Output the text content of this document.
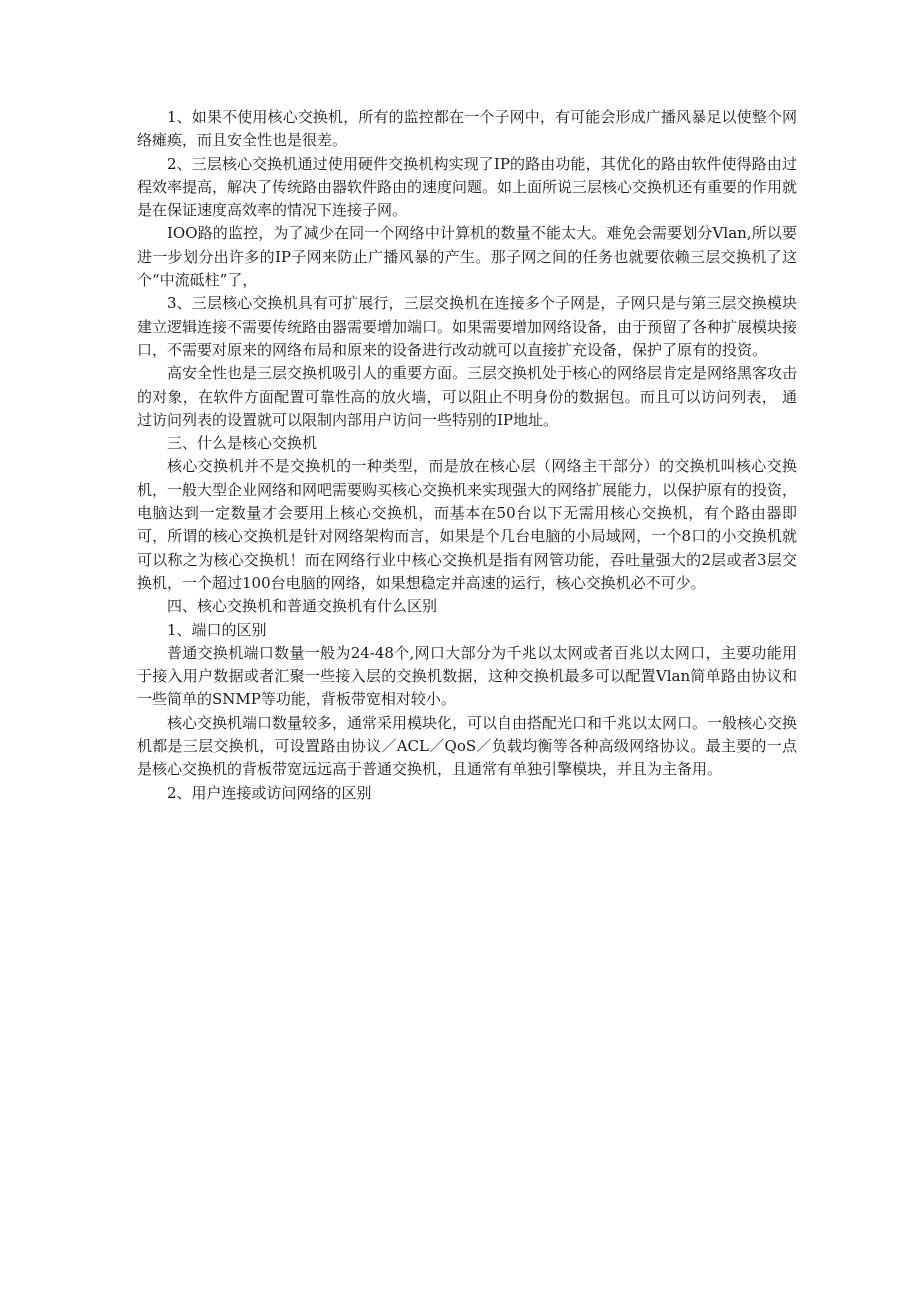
1、如果不使用核心交换机，所有的监控都在一个子网中，有可能会形成广播风暴足以使整个网络瘫痪，而且安全性也是很差。

2、三层核心交换机通过使用硬件交换机构实现了IP的路由功能，其优化的路由软件使得路由过程效率提高，解决了传统路由器软件路由的速度问题。如上面所说三层核心交换机还有重要的作用就是在保证速度高效率的情况下连接子网。

IOO路的监控，为了减少在同一个网络中计算机的数量不能太大。难免会需要划分Vlan,所以要进一步划分出许多的IP子网来防止广播风暴的产生。那子网之间的任务也就要依赖三层交换机了这个“中流砥柱”了，

3、三层核心交换机具有可扩展行，三层交换机在连接多个子网是，子网只是与第三层交换模块建立逻辑连接不需要传统路由器需要增加端口。如果需要增加网络设备，由于预留了各种扩展模块接口，不需要对原来的网络布局和原来的设备进行改动就可以直接扩充设备，保护了原有的投资。

高安全性也是三层交换机吸引人的重要方面。三层交换机处于核心的网络层肯定是网络黑客攻击的对象，在软件方面配置可靠性高的放火墙，可以阻止不明身份的数据包。而且可以访问列表， 通过访问列表的设置就可以限制内部用户访问一些特别的IP地址。

三、什么是核心交换机

核心交换机并不是交换机的一种类型，而是放在核心层（网络主干部分）的交换机叫核心交换机，一般大型企业网络和网吧需要购买核心交换机来实现强大的网络扩展能力，以保护原有的投资，电脑达到一定数量才会要用上核心交换机，而基本在50台以下无需用核心交换机，有个路由器即可，所谓的核心交换机是针对网络架构而言，如果是个几台电脑的小局域网，一个8口的小交换机就可以称之为核心交换机！而在网络行业中核心交换机是指有网管功能，吞吐量强大的2层或者3层交换机，一个超过100台电脑的网络，如果想稳定并高速的运行，核心交换机必不可少。

四、核心交换机和普通交换机有什么区别

1、端口的区别

普通交换机端口数量一般为24-48个,网口大部分为千兆以太网或者百兆以太网口，主要功能用于接入用户数据或者汇聚一些接入层的交换机数据，这种交换机最多可以配置Vlan简单路由协议和一些简单的SNMP等功能，背板带宽相对较小。

核心交换机端口数量较多，通常采用模块化，可以自由搭配光口和千兆以太网口。一般核心交换机都是三层交换机，可设置路由协议／ACL／QoS／负载均衡等各种高级网络协议。最主要的一点是核心交换机的背板带宽远远高于普通交换机，且通常有单独引擎模块，并且为主备用。

2、用户连接或访问网络的区别
